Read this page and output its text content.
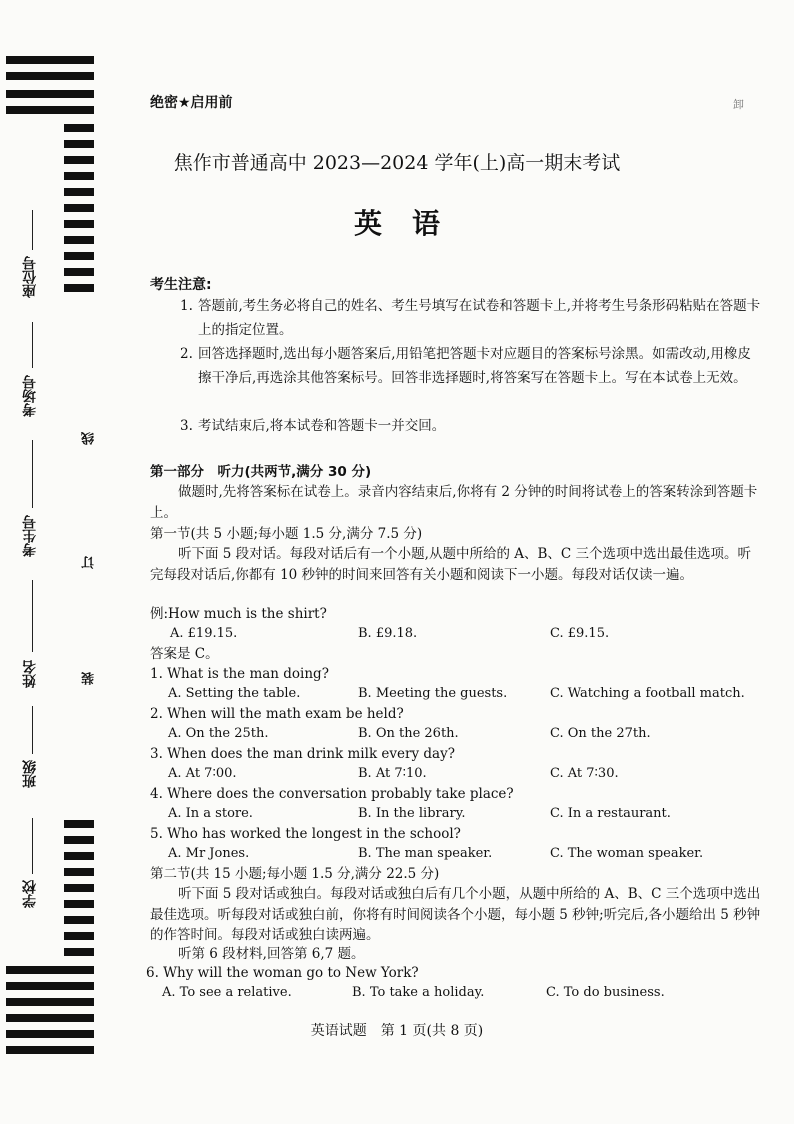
座位号
考场号
考生号
姓名
班级
学校
线
订
装
卸
绝密★启用前
焦作市普通高中 2023—2024 学年(上)高一期末考试
英语
考生注意:
1. 答题前,考生务必将自己的姓名、考生号填写在试卷和答题卡上,并将考生号条形码粘贴在答题卡上的指定位置。
2. 回答选择题时,选出每小题答案后,用铅笔把答题卡对应题目的答案标号涂黑。如需改动,用橡皮擦干净后,再选涂其他答案标号。回答非选择题时,将答案写在答题卡上。写在本试卷上无效。
3. 考试结束后,将本试卷和答题卡一并交回。
第一部分　听力(共两节,满分 30 分)
做题时,先将答案标在试卷上。录音内容结束后,你将有 2 分钟的时间将试卷上的答案转涂到答题卡上。
第一节(共 5 小题;每小题 1.5 分,满分 7.5 分)
听下面 5 段对话。每段对话后有一个小题,从题中所给的 A、B、C 三个选项中选出最佳选项。听完每段对话后,你都有 10 秒钟的时间来回答有关小题和阅读下一小题。每段对话仅读一遍。
例:How much is the shirt?
A. £19.15.	B. £9.18.	C. £9.15.
答案是 C。
1. What is the man doing?
A. Setting the table.	B. Meeting the guests.	C. Watching a football match.
2. When will the math exam be held?
A. On the 25th.	B. On the 26th.	C. On the 27th.
3. When does the man drink milk every day?
A. At 7∶00.	B. At 7∶10.	C. At 7∶30.
4. Where does the conversation probably take place?
A. In a store.	B. In the library.	C. In a restaurant.
5. Who has worked the longest in the school?
A. Mr Jones.	B. The man speaker.	C. The woman speaker.
第二节(共 15 小题;每小题 1.5 分,满分 22.5 分)
听下面 5 段对话或独白。每段对话或独白后有几个小题，从题中所给的 A、B、C 三个选项中选出最佳选项。听每段对话或独白前，你将有时间阅读各个小题，每小题 5 秒钟;听完后,各小题给出 5 秒钟的作答时间。每段对话或独白读两遍。
听第 6 段材料,回答第 6,7 题。
6. Why will the woman go to New York?
A. To see a relative.	B. To take a holiday.	C. To do business.
英语试题　第 1 页(共 8 页)
